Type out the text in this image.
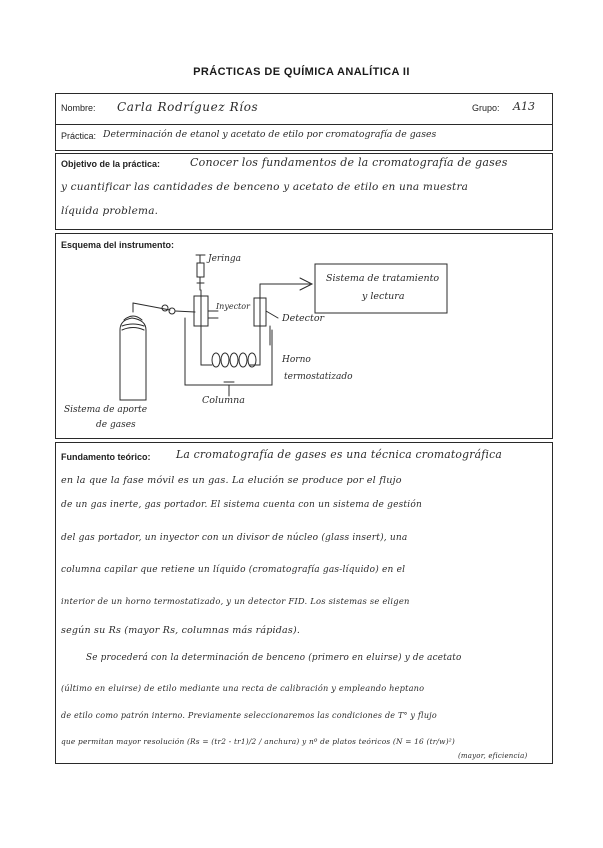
PRÁCTICAS DE QUÍMICA ANALÍTICA II
Nombre: Carla Rodríguez Ríos	Grupo: A13
Práctica: Determinación de etanol y acetato de etilo por cromatografía de gases
Objetivo de la práctica:	Conocer los fundamentos de la cromatografía de gases
y cuantificar las cantidades de benceno y acetato de etilo en una muestra
líquida problema.
Esquema del instrumento:
Jeringa
Inyector
Detector
Sistema de tratamiento
y lectura
Horno
termostatizado
Columna
Sistema de aporte
de gases
Fundamento teórico: La cromatografía de gases es una técnica cromatográfica
en la que la fase móvil es un gas. La elución se produce por el flujo
de un gas inerte, gas portador. El sistema cuenta con un sistema de gestión
del gas portador, un inyector con un divisor de núcleo (glass insert), una
columna capilar que retiene un líquido (cromatografía gas-líquido) en el
interior de un horno termostatizado, y un detector FID. Los sistemas se eligen
según su Rs (mayor Rs, columnas más rápidas).
Se procederá con la determinación de benceno (primero en eluirse) y de acetato
(último en eluirse) de etilo mediante una recta de calibración y empleando heptano
de etilo como patrón interno. Previamente seleccionaremos las condiciones de T° y flujo
que permitan mayor resolución (Rs = (tr2 - tr1)/2 / anchura) y nº de platos teóricos (N = 16 (tr/w)²)
(mayor, eficiencia)
